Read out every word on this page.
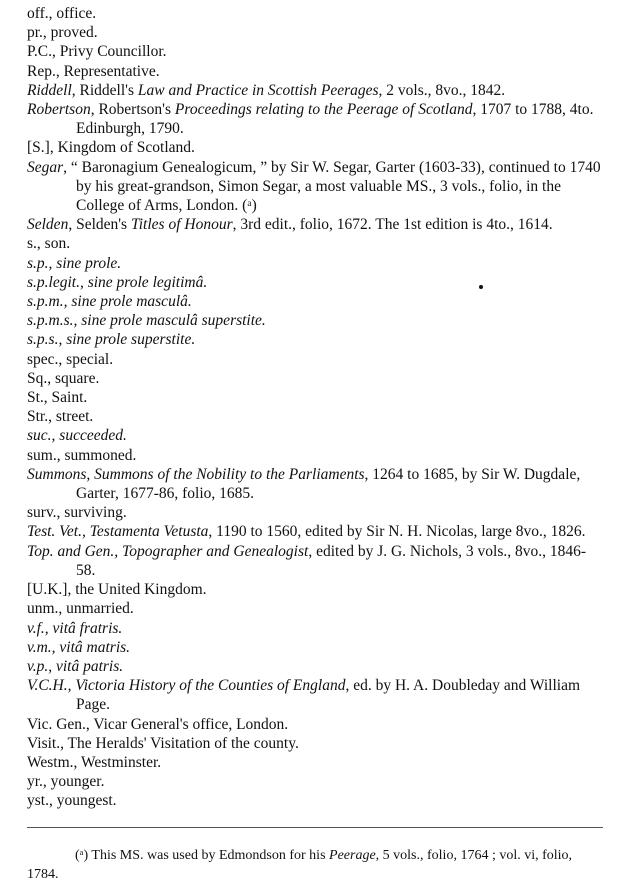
off., office.

pr., proved.

P.C., Privy Councillor.

Rep., Representative.

Riddell, Riddell's Law and Practice in Scottish Peerages, 2 vols., 8vo., 1842.

Robertson, Robertson's Proceedings relating to the Peerage of Scotland, 1707 to 1788, 4to. Edinburgh, 1790.

[S.], Kingdom of Scotland.

Segar, “ Baronagium Genealogicum, ” by Sir W. Segar, Garter (1603-33), continued to 1740 by his great-grandson, Simon Segar, a most valuable MS., 3 vols., folio, in the College of Arms, London. (ᵃ)

Selden, Selden's Titles of Honour, 3rd edit., folio, 1672. The 1st edition is 4to., 1614.

s., son.

s.p., sine prole.

s.p.legit., sine prole legitimâ.

s.p.m., sine prole masculâ.

s.p.m.s., sine prole masculâ superstite.

s.p.s., sine prole superstite.

spec., special.

Sq., square.

St., Saint.

Str., street.

suc., succeeded.

sum., summoned.

Summons, Summons of the Nobility to the Parliaments, 1264 to 1685, by Sir W. Dugdale, Garter, 1677-86, folio, 1685.

surv., surviving.

Test. Vet., Testamenta Vetusta, 1190 to 1560, edited by Sir N. H. Nicolas, large 8vo., 1826.

Top. and Gen., Topographer and Genealogist, edited by J. G. Nichols, 3 vols., 8vo., 1846-58.

[U.K.], the United Kingdom.

unm., unmarried.

v.f., vitâ fratris.

v.m., vitâ matris.

v.p., vitâ patris.

V.C.H., Victoria History of the Counties of England, ed. by H. A. Doubleday and William Page.

Vic. Gen., Vicar General's office, London.

Visit., The Heralds' Visitation of the county.

Westm., Westminster.

yr., younger.

yst., youngest.

(ᵃ) This MS. was used by Edmondson for his Peerage, 5 vols., folio, 1764 ; vol. vi, folio, 1784.
